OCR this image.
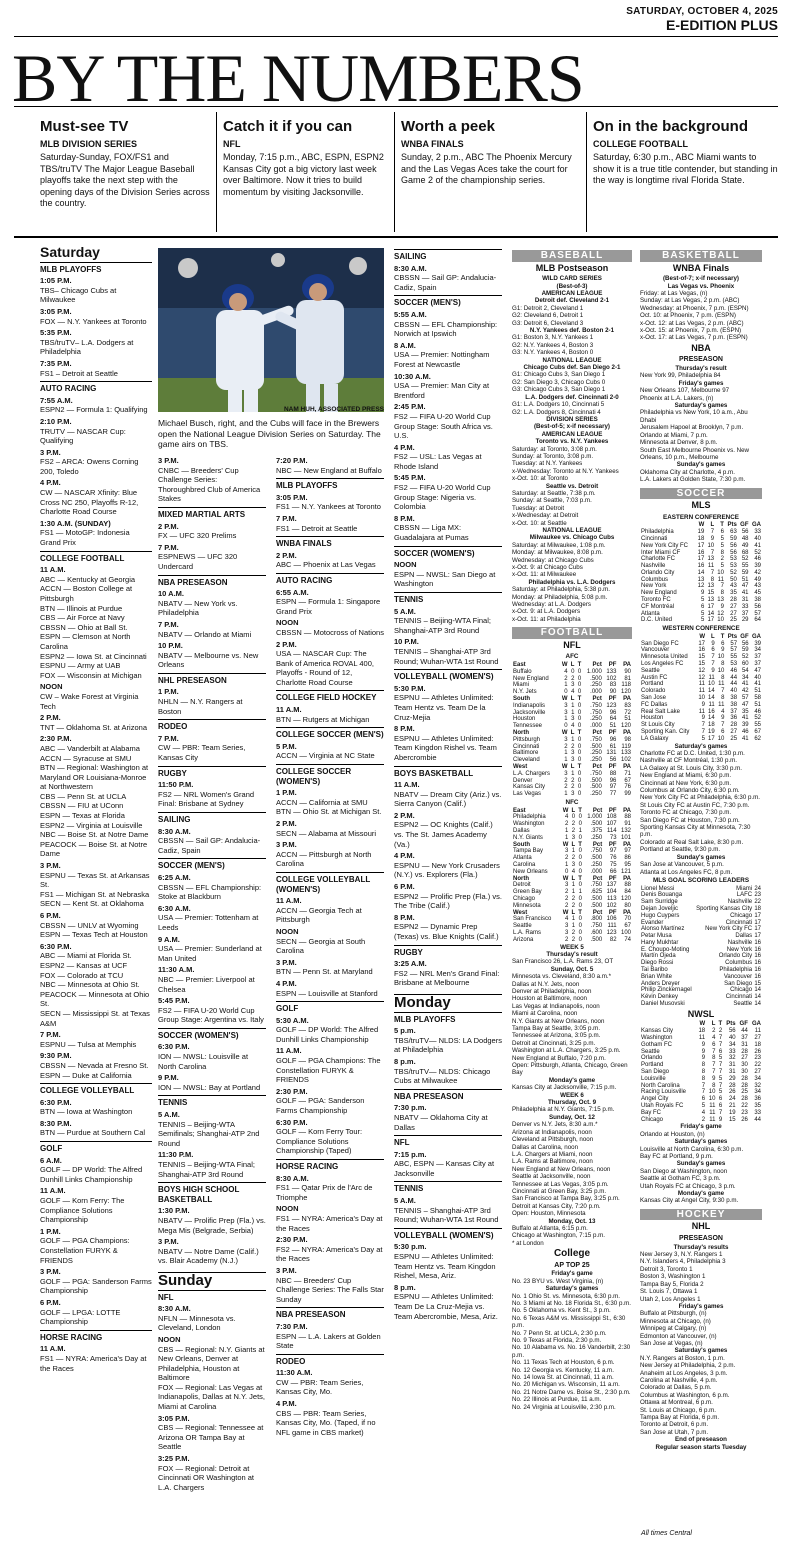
SATURDAY, OCTOBER 4, 2025
E-EDITION PLUS
BY THE NUMBERS
Must-see TV
MLB DIVISION SERIES
Saturday-Sunday, FOX/FS1 and TBS/truTV The Major League Baseball playoffs take the next step with the opening days of the Division Series across the country.
Catch it if you can
NFL
Monday, 7:15 p.m., ABC, ESPN, ESPN2 Kansas City got a big victory last week over Baltimore. Now it tries to build momentum by visiting Jacksonville.
Worth a peek
WNBA FINALS
Sunday, 2 p.m., ABC The Phoenix Mercury and the Las Vegas Aces take the court for Game 2 of the championship series.
On in the background
COLLEGE FOOTBALL
Saturday, 6:30 p.m., ABC Miami wants to show it is a true title contender, but standing in the way is longtime rival Florida State.
Saturday
MLB PLAYOFFS
1:05 P.M.
TBS– Chicago Cubs at Milwaukee
3:05 P.M.
FOX — N.Y. Yankees at Toronto
5:35 P.M.
TBS/truTV– L.A. Dodgers at Philadelphia
7:35 P.M.
FS1 – Detroit at Seattle
AUTO RACING
7:55 A.M.
ESPN2 — Formula 1: Qualifying
2:10 P.M.
TRUTV — NASCAR Cup: Qualifying
3 P.M.
FS2 – ARCA: Owens Corning 200, Toledo
4 P.M.
CW — NASCAR Xfinity: Blue Cross NC 250, Playoffs R-12, Charlotte Road Course
1:30 A.M. (SUNDAY)
FS1 — MotoGP: Indonesia Grand Prix
COLLEGE FOOTBALL
11 A.M.
ABC — Kentucky at Georgia
ACCN — Boston College at Pittsburgh
BTN — Illinois at Purdue
CBS — Air Force at Navy
CBSSN — Ohio at Ball St.
ESPN — Clemson at North Carolina
ESPN2 — Iowa St. at Cincinnati
ESPNU — Army at UAB
FOX — Wisconsin at Michigan
NOON
CW – Wake Forest at Virginia Tech
2 P.M.
TNT — Oklahoma St. at Arizona
2:30 P.M.
ABC — Vanderbilt at Alabama
ACCN — Syracuse at SMU
BTN — Regional: Washington at Maryland OR Louisiana-Monroe at Northwestern
CBS — Penn St. at UCLA
CBSSN — FIU at UConn
ESPN — Texas at Florida
ESPN2 — Virginia at Louisville
NBC — Boise St. at Notre Dame
PEACOCK — Boise St. at Notre Dame
3 P.M.
ESPNU — Texas St. at Arkansas St.
FS1 — Michigan St. at Nebraska
SECN — Kent St. at Oklahoma
6 P.M.
CBSSN — UNLV at Wyoming
ESPN — Texas Tech at Houston
6:30 P.M.
ABC — Miami at Florida St.
ESPN2 — Kansas at UCF
FOX — Colorado at TCU
NBC — Minnesota at Ohio St.
PEACOCK — Minnesota at Ohio St.
SECN — Mississippi St. at Texas A&M
7 P.M.
ESPNU — Tulsa at Memphis
9:30 P.M.
CBSSN — Nevada at Fresno St.
ESPN — Duke at California
COLLEGE VOLLEYBALL
6:30 P.M.
BTN — Iowa at Washington
8:30 P.M.
BTN — Purdue at Southern Cal
GOLF
6 A.M.
GOLF — DP World: The Alfred Dunhill Links Championship
11 A.M.
GOLF — Korn Ferry: The Compliance Solutions Championship
1 P.M.
GOLF — PGA Champions: Constellation FURYK & FRIENDS
3 P.M.
GOLF — PGA: Sanderson Farms Championship
6 P.M.
GOLF — LPGA: LOTTE Championship
HORSE RACING
11 A.M.
FS1 — NYRA: America's Day at the Races
NAM HUH, ASSOCIATED PRESS
Michael Busch, right, and the Cubs will face in the Brewers open the National League Division Series on Saturday. The game airs on TBS.
3 P.M.
CNBC — Breeders' Cup Challenge Series: Thoroughbred Club of America Stakes
MIXED MARTIAL ARTS
2 P.M.
FX — UFC 320 Prelims
7 P.M.
ESPNEWS — UFC 320 Undercard
NBA PRESEASON
10 A.M.
NBATV — New York vs. Philadelphia
7 P.M.
NBATV — Orlando at Miami
10 P.M.
NBATV — Melbourne vs. New Orleans
NHL PRESEASON
1 P.M.
NHLN — N.Y. Rangers at Boston
RODEO
7 P.M.
CW — PBR: Team Series, Kansas City
RUGBY
11:50 P.M.
FS2 — NRL Women's Grand Final: Brisbane at Sydney
SAILING
8:30 A.M.
CBSSN — Sail GP: Andalucia-Cadiz, Spain
SOCCER (MEN'S)
6:25 A.M.
CBSSN — EFL Championship: Stoke at Blackburn
6:30 A.M.
USA — Premier: Tottenham at Leeds
9 A.M.
USA — Premier: Sunderland at Man United
11:30 A.M.
NBC — Premier: Liverpool at Chelsea
5:45 P.M.
FS2 — FIFA U-20 World Cup Group Stage: Argentina vs. Italy
SOCCER (WOMEN'S)
6:30 P.M.
ION — NWSL: Louisville at North Carolina
9 P.M.
ION — NWSL: Bay at Portland
TENNIS
5 A.M.
TENNIS – Beijing-WTA Semifinals; Shanghai-ATP 2nd Round
11:30 P.M.
TENNIS – Beijing-WTA Final; Shanghai-ATP 3rd Round
BOYS HIGH SCHOOL BASKETBALL
1:30 P.M.
NBATV — Prolific Prep (Fla.) vs. Mega Mis (Belgrade, Serbia)
3 P.M.
NBATV — Notre Dame (Calif.) vs. Blair Academy (N.J.)
Sunday
NFL
8:30 A.M.
NFLN — Minnesota vs. Cleveland, London
NOON
CBS — Regional: N.Y. Giants at New Orleans, Denver at Philadelphia, Houston at Baltimore
FOX — Regional: Las Vegas at Indianapolis, Dallas at N.Y. Jets, Miami at Carolina
3:05 P.M.
CBS — Regional: Tennessee at Arizona OR Tampa Bay at Seattle
3:25 P.M.
FOX — Regional: Detroit at Cincinnati OR Washington at L.A. Chargers
7:20 P.M.
NBC — New England at Buffalo
MLB PLAYOFFS
3:05 P.M.
FS1 — N.Y. Yankees at Toronto
7 P.M.
FS1 — Detroit at Seattle
WNBA FINALS
2 P.M.
ABC — Phoenix at Las Vegas
AUTO RACING
6:55 A.M.
ESPN — Formula 1: Singapore Grand Prix
NOON
CBSSN — Motocross of Nations
2 P.M.
USA — NASCAR Cup: The Bank of America ROVAL 400, Playoffs - Round of 12, Charlotte Road Course
COLLEGE FIELD HOCKEY
11 A.M.
BTN — Rutgers at Michigan
COLLEGE SOCCER (MEN'S)
5 P.M.
ACCN — Virginia at NC State
COLLEGE SOCCER (WOMEN'S)
1 P.M.
ACCN — California at SMU
BTN — Ohio St. at Michigan St.
2 P.M.
SECN — Alabama at Missouri
3 P.M.
ACCN — Pittsburgh at North Carolina
COLLEGE VOLLEYBALL (WOMEN'S)
11 A.M.
ACCN — Georgia Tech at Pittsburgh
NOON
SECN — Georgia at South Carolina
3 P.M.
BTN — Penn St. at Maryland
4 P.M.
ESPN — Louisville at Stanford
GOLF
5:30 A.M.
GOLF — DP World: The Alfred Dunhill Links Championship
11 A.M.
GOLF — PGA Champions: The Constellation FURYK & FRIENDS
2:30 P.M.
GOLF — PGA: Sanderson Farms Championship
6:30 P.M.
GOLF — Korn Ferry Tour: Compliance Solutions Championship (Taped)
HORSE RACING
8:30 A.M.
FS1 — Qatar Prix de l'Arc de Triomphe
NOON
FS1 — NYRA: America's Day at the Races
2:30 P.M.
FS2 — NYRA: America's Day at the Races
3 P.M.
NBC — Breeders' Cup Challenge Series: The Falls Star Sunday
NBA PRESEASON
7:30 P.M.
ESPN — L.A. Lakers at Golden State
RODEO
11:30 A.M.
CW — PBR: Team Series, Kansas City, Mo.
4 P.M.
CBS — PBR: Team Series, Kansas City, Mo. (Taped, if no NFL game in CBS market)
SAILING
8:30 A.M.
CBSSN — Sail GP: Andalucia-Cadiz, Spain
SOCCER (MEN'S)
5:55 A.M.
CBSSN — EFL Championship: Norwich at Ipswich
8 A.M.
USA — Premier: Nottingham Forest at Newcastle
10:30 A.M.
USA — Premier: Man City at Brentford
2:45 P.M.
FS2 — FIFA U-20 World Cup Group Stage: South Africa vs. U.S.
4 P.M.
FS2 — USL: Las Vegas at Rhode Island
5:45 P.M.
FS2 — FIFA U-20 World Cup Group Stage: Nigeria vs. Colombia
8 P.M.
CBSSN — Liga MX: Guadalajara at Pumas
SOCCER (WOMEN'S)
NOON
ESPN — NWSL: San Diego at Washington
TENNIS
5 A.M.
TENNIS – Beijing-WTA Final; Shanghai-ATP 3rd Round
10 P.M.
TENNIS – Shanghai-ATP 3rd Round; Wuhan-WTA 1st Round
VOLLEYBALL (WOMEN'S)
5:30 P.M.
ESPNU — Athletes Unlimited: Team Hentz vs. Team De la Cruz-Mejia
8 P.M.
ESPNU — Athletes Unlimited: Team Kingdon Rishel vs. Team Abercrombie
BOYS BASKETBALL
11 A.M.
NBATV — Dream City (Ariz.) vs. Sierra Canyon (Calif.)
2 P.M.
ESPN2 — OC Knights (Calif.) vs. The St. James Academy (Va.)
4 P.M.
ESPNU — New York Crusaders (N.Y.) vs. Explorers (Fla.)
6 P.M.
ESPN2 — Prolific Prep (Fla.) vs. The Tribe (Calif.)
8 P.M.
ESPN2 — Dynamic Prep (Texas) vs. Blue Knights (Calif.)
RUGBY
3:25 A.M.
FS2 — NRL Men's Grand Final: Brisbane at Melbourne
Monday
MLB PLAYOFFS
5 p.m.
TBS/truTV— NLDS: LA Dodgers at Philadelphia
8 p.m.
TBS/truTV— NLDS: Chicago Cubs at Milwaukee
NBA PRESEASON
7:30 p.m.
NBATV — Oklahoma City at Dallas
NFL
7:15 p.m.
ABC, ESPN — Kansas City at Jacksonville
TENNIS
5 A.M.
TENNIS – Shanghai-ATP 3rd Round; Wuhan-WTA 1st Round
VOLLEYBALL (WOMEN'S)
5:30 p.m.
ESPNU — Athletes Unlimited: Team Hentz vs. Team Kingdon Rishel, Mesa, Ariz.
8 p.m.
ESPNU — Athletes Unlimited: Team De La Cruz-Mejia vs. Team Abercrombie, Mesa, Ariz.
BASEBALL
MLB Postseason
WILD CARD SERIES
(Best-of-3)
AMERICAN LEAGUE
Detroit def. Cleveland 2-1
G1: Detroit 2, Cleveland 1
G2: Cleveland 6, Detroit 1
G3: Detroit 6, Cleveland 3
N.Y. Yankees def. Boston 2-1
G1: Boston 3, N.Y. Yankees 1
G2: N.Y. Yankees 4, Boston 3
G3: N.Y. Yankees 4, Boston 0
NATIONAL LEAGUE
Chicago Cubs def. San Diego 2-1
G1: Chicago Cubs 3, San Diego 1
G2: San Diego 3, Chicago Cubs 0
G3: Chicago Cubs 3, San Diego 1
L.A. Dodgers def. Cincinnati 2-0
G1: L.A. Dodgers 10, Cincinnati 5
G2: L.A. Dodgers 8, Cincinnati 4
DIVISION SERIES
(Best-of-5; x-if necessary)
AMERICAN LEAGUE
Toronto vs. N.Y. Yankees
Saturday: at Toronto, 3:08 p.m.
Sunday: at Toronto, 3:08 p.m.
Tuesday: at N.Y. Yankees
x-Wednesday: Toronto at N.Y. Yankees
x-Oct. 10: at Toronto
Seattle vs. Detroit
Saturday: at Seattle, 7:38 p.m.
Sunday: at Seattle, 7:03 p.m.
Tuesday: at Detroit
x-Wednesday: at Detroit
x-Oct. 10: at Seattle
NATIONAL LEAGUE
Milwaukee vs. Chicago Cubs
Saturday: at Milwaukee, 1:08 p.m.
Monday: at Milwaukee, 8:08 p.m.
Wednesday: at Chicago Cubs
x-Oct. 9: at Chicago Cubs
x-Oct. 11: at Milwaukee
Philadelphia vs. L.A. Dodgers
Saturday: at Philadelphia, 5:38 p.m.
Monday: at Philadelphia, 5:08 p.m.
Wednesday: at L.A. Dodgers
x-Oct. 9: at L.A. Dodgers
x-Oct. 11: at Philadelphia
FOOTBALL
NFL
AFC
East	W	L	T	Pct	PF	PA
Buffalo	4	0	0	1.000	133	90
New England	2	2	0	.500	102	81
Miami	1	3	0	.250	83	118
N.Y. Jets	0	4	0	.000	90	120
South	W	L	T	Pct	PF	PA
Indianapolis	3	1	0	.750	123	83
Jacksonville	3	1	0	.750	96	72
Houston	1	3	0	.250	64	51
Tennessee	0	4	0	.000	51	120
North	W	L	T	Pct	PF	PA
Pittsburgh	3	1	0	.750	96	98
Cincinnati	2	2	0	.500	61	119
Baltimore	1	3	0	.250	131	133
Cleveland	1	3	0	.250	56	102
West	W	L	T	Pct	PF	PA
L.A. Chargers	3	1	0	.750	88	71
Denver	2	2	0	.500	96	67
Kansas City	2	2	0	.500	97	76
Las Vegas	1	3	0	.250	77	99
NFC
East	W	L	T	Pct	PF	PA
Philadelphia	4	0	0	1.000	108	88
Washington	2	2	0	.500	107	91
Dallas	1	2	1	.375	114	132
N.Y. Giants	1	3	0	.250	73	101
South	W	L	T	Pct	PF	PA
Tampa Bay	3	1	0	.750	97	97
Atlanta	2	2	0	.500	76	86
Carolina	1	3	0	.250	75	95
New Orleans	0	4	0	.000	66	121
North	W	L	T	Pct	PF	PA
Detroit	3	1	0	.750	137	88
Green Bay	2	1	1	.625	104	84
Chicago	2	2	0	.500	113	120
Minnesota	2	2	0	.500	102	80
West	W	L	T	Pct	PF	PA
San Francisco	4	1	0	.800	106	70
Seattle	3	1	0	.750	111	67
L.A. Rams	3	2	0	.600	123	100
Arizona	2	2	0	.500	82	74
WEEK 5
Thursday's result
San Francisco 26, L.A. Rams 23, OT
Sunday, Oct. 5
Minnesota vs. Cleveland, 8:30 a.m.*
Dallas at N.Y. Jets, noon
Denver at Philadelphia, noon
Houston at Baltimore, noon
Las Vegas at Indianapolis, noon
Miami at Carolina, noon
N.Y. Giants at New Orleans, noon
Tampa Bay at Seattle, 3:05 p.m.
Tennessee at Arizona, 3:05 p.m.
Detroit at Cincinnati, 3:25 p.m.
Washington at L.A. Chargers, 3:25 p.m.
New England at Buffalo, 7:20 p.m.
Open: Pittsburgh, Atlanta, Chicago, Green Bay
Monday's game
Kansas City at Jacksonville, 7:15 p.m.
WEEK 6
Thursday, Oct. 9
Philadelphia at N.Y. Giants, 7:15 p.m.
Sunday, Oct. 12
Denver vs N.Y. Jets, 8:30 a.m.*
Arizona at Indianapolis, noon
Cleveland at Pittsburgh, noon
Dallas at Carolina, noon
L.A. Chargers at Miami, noon
L.A. Rams at Baltimore, noon
New England at New Orleans, noon
Seattle at Jacksonville, noon
Tennessee at Las Vegas, 3:05 p.m.
Cincinnati at Green Bay, 3:25 p.m.
San Francisco at Tampa Bay, 3:25 p.m.
Detroit at Kansas City, 7:20 p.m.
Open: Houston, Minnesota
Monday, Oct. 13
Buffalo at Atlanta, 6:15 p.m.
Chicago at Washington, 7:15 p.m.
* at London
College
AP TOP 25
Friday's game
No. 23 BYU vs. West Virginia, (n)
Saturday's games
No. 1 Ohio St. vs. Minnesota, 6:30 p.m.
No. 3 Miami at No. 18 Florida St., 6:30 p.m.
No. 5 Oklahoma vs. Kent St., 3 p.m.
No. 6 Texas A&M vs. Mississippi St., 6:30 p.m.
No. 7 Penn St. at UCLA, 2:30 p.m.
No. 9 Texas at Florida, 2:30 p.m.
No. 10 Alabama vs. No. 16 Vanderbilt, 2:30 p.m.
No. 11 Texas Tech at Houston, 6 p.m.
No. 12 Georgia vs. Kentucky, 11 a.m.
No. 14 Iowa St. at Cincinnati, 11 a.m.
No. 20 Michigan vs. Wisconsin, 11 a.m.
No. 21 Notre Dame vs. Boise St., 2:30 p.m.
No. 22 Illinois at Purdue, 11 a.m.
No. 24 Virginia at Louisville, 2:30 p.m.
BASKETBALL
WNBA Finals
(Best-of-7; x-if necessary)
Las Vegas vs. Phoenix
Friday: at Las Vegas, (n)
Sunday: at Las Vegas, 2 p.m. (ABC)
Wednesday: at Phoenix, 7 p.m. (ESPN)
Oct. 10: at Phoenix, 7 p.m. (ESPN)
x-Oct. 12: at Las Vegas, 2 p.m. (ABC)
x-Oct. 15: at Phoenix, 7 p.m. (ESPN)
x-Oct. 17: at Las Vegas, 7 p.m. (ESPN)
NBA
PRESEASON
Thursday's result
New York 99, Philadelphia 84
Friday's games
New Orleans 107, Melbourne 97
Phoenix at L.A. Lakers, (n)
Saturday's games
Philadelphia vs New York, 10 a.m., Abu Dhabi
Jerusalem Hapoel at Brooklyn, 7 p.m.
Orlando at Miami, 7 p.m.
Minnesota at Denver, 8 p.m.
South East Melbourne Phoenix vs. New Orleans, 10 p.m., Melbourne
Sunday's games
Oklahoma City at Charlotte, 4 p.m.
L.A. Lakers at Golden State, 7:30 p.m.
SOCCER
MLS
EASTERN CONFERENCE
	W	L	T	Pts	GF	GA
Philadelphia	19	7	6	63	56	33
Cincinnati	18	9	5	59	48	40
New York City FC	17	10	5	56	49	41
Inter Miami CF	16	7	8	56	68	52
Charlotte FC	17	13	2	53	52	46
Nashville	16	11	5	53	55	39
Orlando City	14	7	10	52	59	42
Columbus	13	8	11	50	51	49
New York	12	13	7	43	47	43
New England	9	15	8	35	41	45
Toronto FC	5	13	13	28	31	38
CF Montréal	6	17	9	27	33	56
Atlanta	5	14	12	27	37	57
D.C. United	5	17	10	25	29	64
WESTERN CONFERENCE
	W	L	T	Pts	GF	GA
San Diego FC	17	9	6	57	56	39
Vancouver	16	6	9	57	59	34
Minnesota United	15	7	10	55	52	37
Los Angeles FC	15	7	8	53	60	37
Seattle	12	9	10	46	54	47
Austin FC	12	11	8	44	34	40
Portland	11	10	11	44	41	41
Colorado	11	14	7	40	42	51
San Jose	10	14	8	38	57	58
FC Dallas	9	11	11	38	47	51
Real Salt Lake	11	16	4	37	35	46
Houston	9	14	9	36	41	52
St Louis City	7	18	7	28	39	55
Sporting Kan. City	7	19	6	27	46	67
LA Galaxy	5	17	10	25	41	62
Saturday's games
Charlotte FC at D.C. United, 1:30 p.m.
Nashville at CF Montréal, 1:30 p.m.
LA Galaxy at St. Louis City, 3:30 p.m.
New England at Miami, 6:30 p.m.
Cincinnati at New York, 6:30 p.m.
Columbus at Orlando City, 6:30 p.m.
New York City FC at Philadelphia, 6:30 p.m.
St Louis City FC at Austin FC, 7:30 p.m.
Toronto FC at Chicago, 7:30 p.m.
San Diego FC at Houston, 7:30 p.m.
Sporting Kansas City at Minnesota, 7:30 p.m.
Colorado at Real Salt Lake, 8:30 p.m.
Portland at Seattle, 9:30 p.m.
Sunday's games
San Jose at Vancouver, 5 p.m.
Atlanta at Los Angeles FC, 8 p.m.
MLS GOAL SCORING LEADERS
Lionel Messi	Miami	24
Denis Bouanga	LAFC	23
Sam Surridge	Nashville	22
Dejan Joveljic	Sporting Kansas City	18
Hugo Cuypers	Chicago	17
Evander	Cincinnati	17
Alonso Martínez	New York City FC	17
Petar Musa	Dallas	17
Hany Mukhtar	Nashville	16
E. Choupo-Moting	New York	16
Martín Ojeda	Orlando City	16
Diego Rossi	Columbus	16
Tai Baribo	Philadelphia	16
Brian White	Vancouver	16
Anders Dreyer	San Diego	15
Philip Zinckernagel	Chicago	14
Kévin Denkey	Cincinnati	14
Daniel Musovski	Seattle	14
NWSL
	W	L	T	Pts	GF	GA
Kansas City	18	2	2	56	44	11
Washington	11	4	7	40	37	27
Gotham FC	9	6	7	34	31	18
Seattle	9	7	6	33	28	26
Orlando	9	8	5	32	27	23
Portland	8	7	7	31	30	22
San Diego	8	7	7	31	30	27
Louisville	8	9	5	29	28	34
North Carolina	7	8	7	28	28	32
Racing Louisville	7	10	5	26	25	34
Angel City	6	10	6	24	28	36
Utah Royals FC	5	11	6	21	22	35
Bay FC	4	11	7	19	23	33
Chicago	2	11	9	15	26	44
Friday's game
Orlando at Houston, (n)
Saturday's games
Louisville at North Carolina, 6:30 p.m.
Bay FC at Portland, 9 p.m.
Sunday's games
San Diego at Washington, noon
Seattle at Gotham FC, 3 p.m.
Utah Royals FC at Chicago, 3 p.m.
Monday's game
Kansas City at Angel City, 9:30 p.m.
HOCKEY
NHL
PRESEASON
Thursday's results
New Jersey 3, N.Y. Rangers 1
N.Y. Islanders 4, Philadelphia 3
Detroit 3, Toronto 1
Boston 3, Washington 1
Tampa Bay 5, Florida 2
St. Louis 7, Ottawa 1
Utah 2, Los Angeles 1
Friday's games
Buffalo at Pittsburgh, (n)
Minnesota at Chicago, (n)
Winnipeg at Calgary, (n)
Edmonton at Vancouver, (n)
San Jose at Vegas, (n)
Saturday's games
N.Y. Rangers at Boston, 1 p.m.
New Jersey at Philadelphia, 2 p.m.
Anaheim at Los Angeles, 3 p.m.
Carolina at Nashville, 4 p.m.
Colorado at Dallas, 5 p.m.
Columbus at Washington, 6 p.m.
Ottawa at Montreal, 6 p.m.
St. Louis at Chicago, 6 p.m.
Tampa Bay at Florida, 6 p.m.
Toronto at Detroit, 6 p.m.
San Jose at Utah, 7 p.m.
End of preseason
Regular season starts Tuesday
All times Central
